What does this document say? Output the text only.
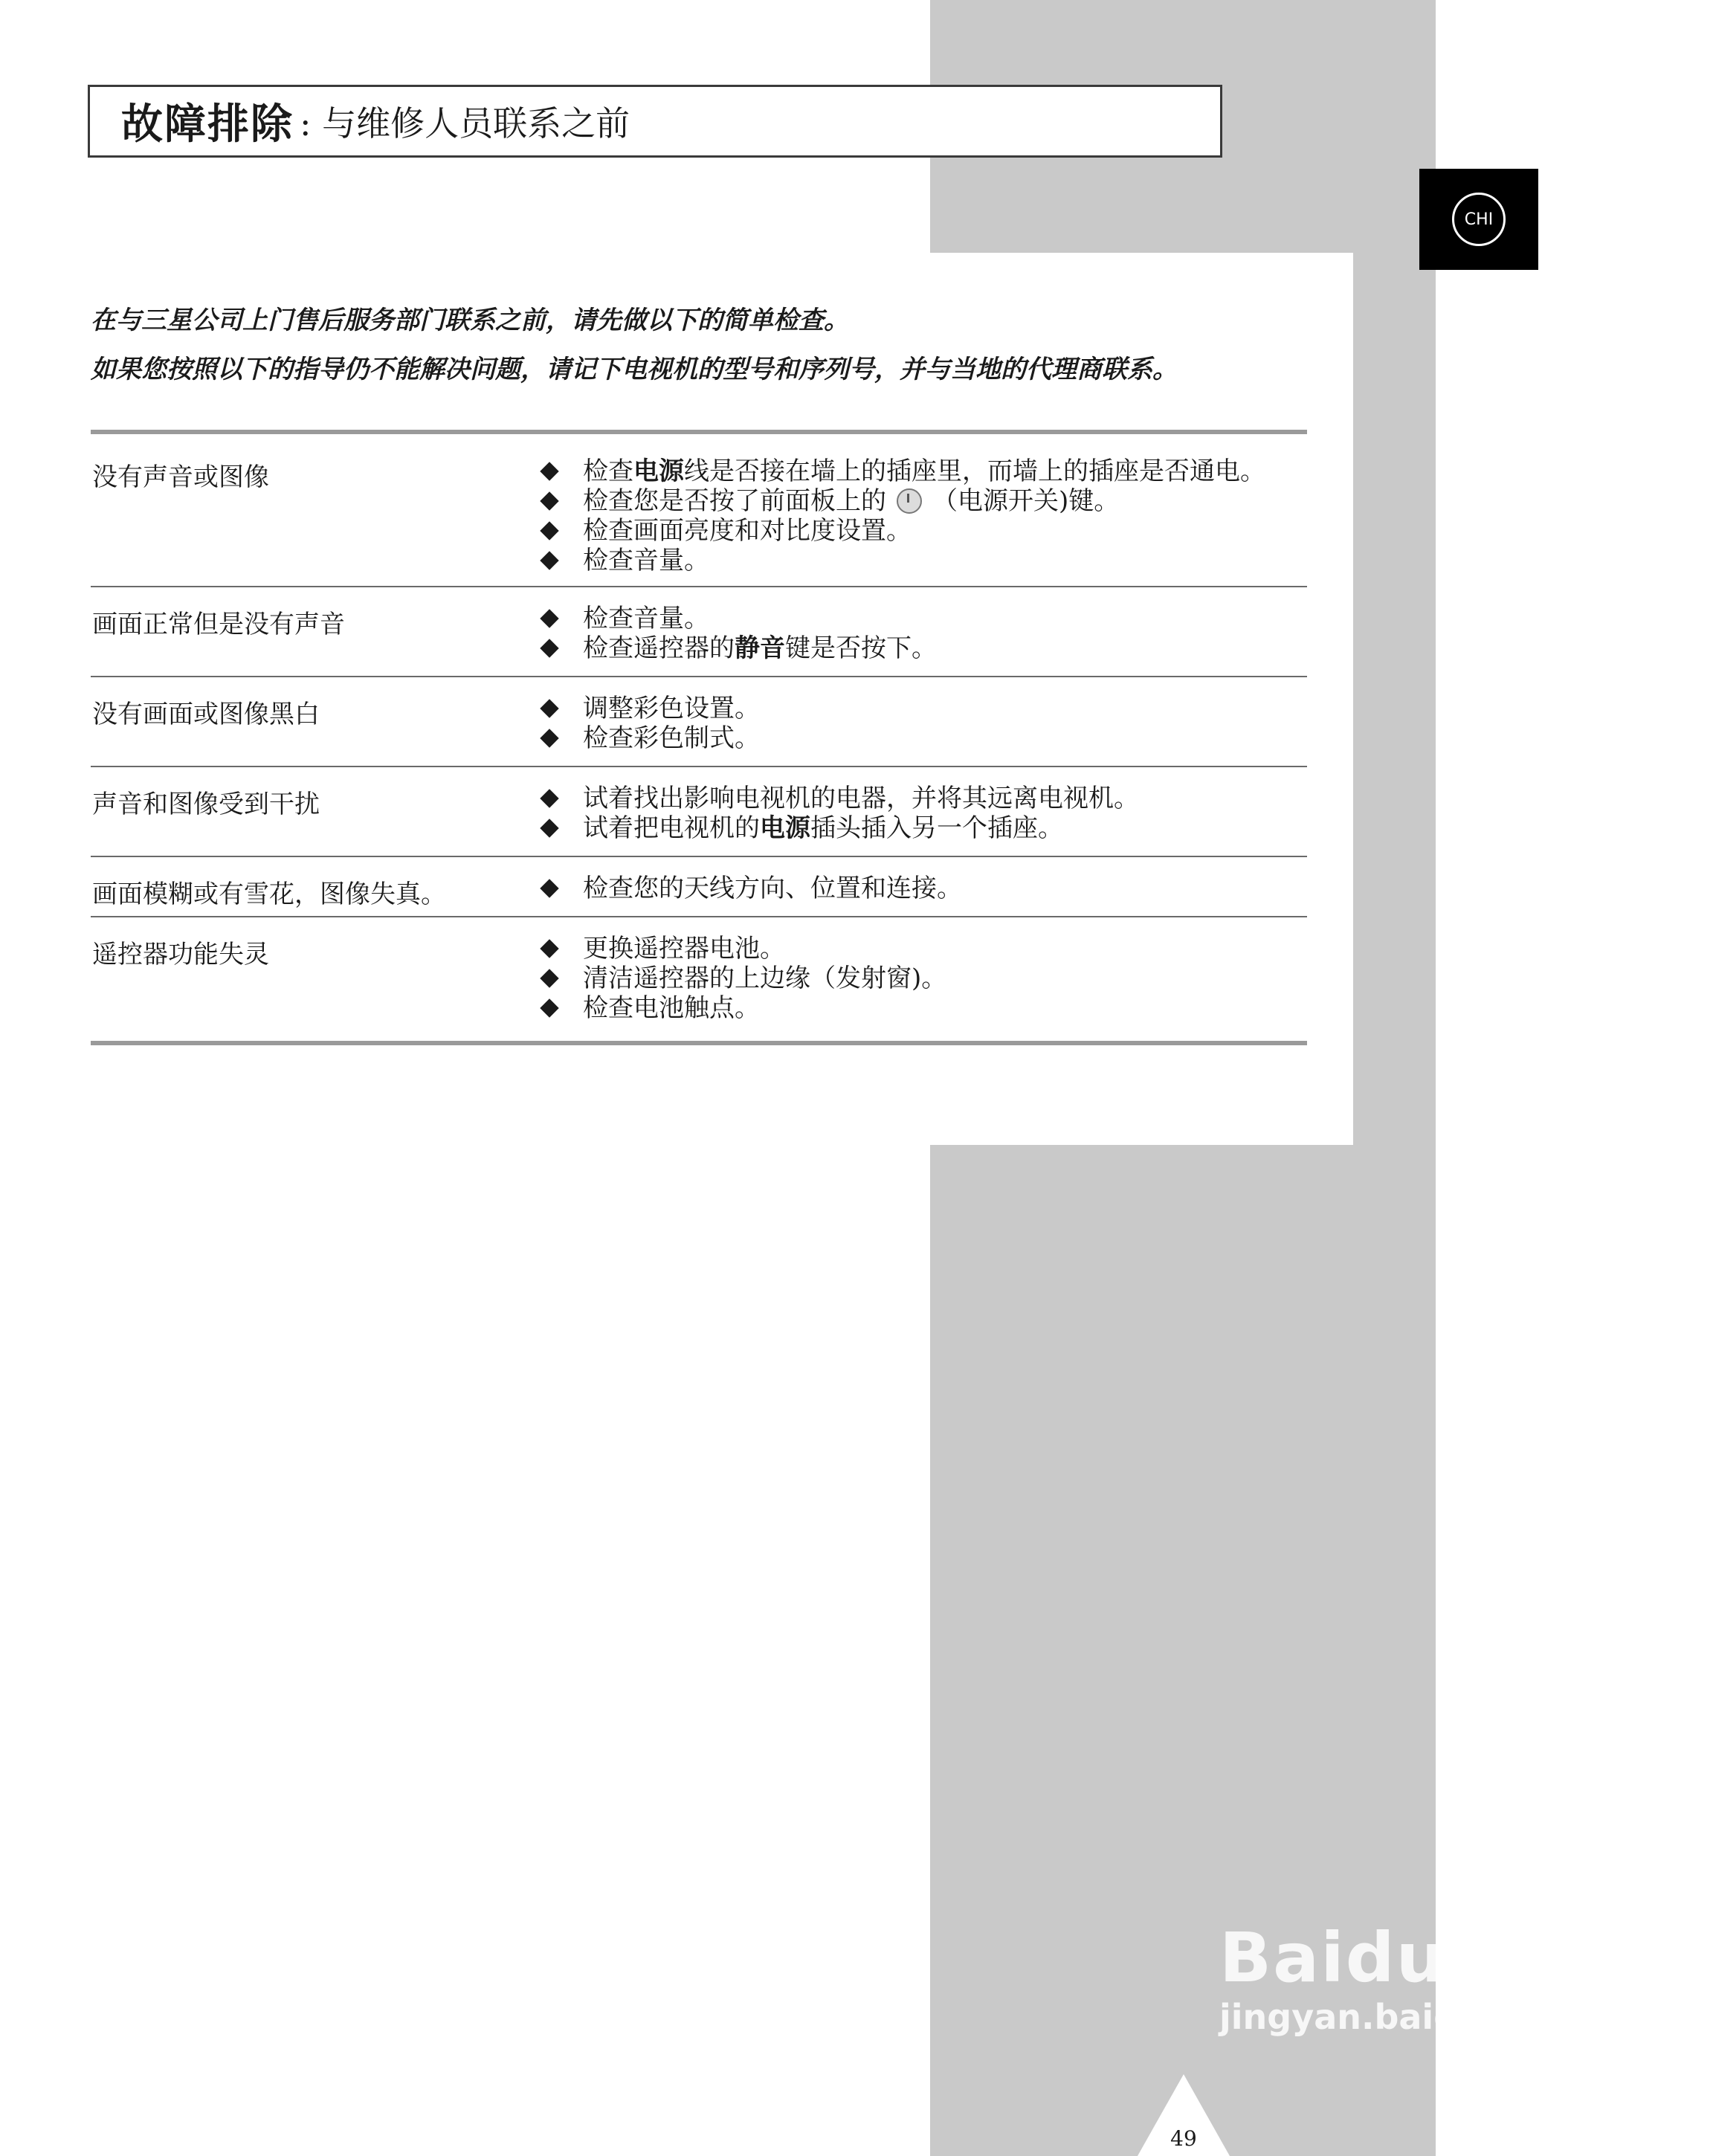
故障排除 : 与维修人员联系之前
CHI
在与三星公司上门售后服务部门联系之前，请先做以下的简单检查。
如果您按照以下的指导仍不能解决问题，请记下电视机的型号和序列号，并与当地的代理商联系。
没有声音或图像	检查 电源 线是否接在墙上的插座里，而墙上的插座是否通电。
检查您是否按了前面板上的 （电源开关)键。
检查画面亮度和对比度设置。
检查音量。
画面正常但是没有声音	检查音量。
检查遥控器的 静音 键是否按下。
没有画面或图像黑白	调整彩色设置。
检查彩色制式。
声音和图像受到干扰	试着找出影响电视机的电器，并将其远离电视机。
试着把电视机的 电源 插头插入另一个插座。
画面模糊或有雪花，图像失真。	检查您的天线方向、位置和连接。
遥控器功能失灵	更换遥控器电池。
清洁遥控器的上边缘（发射窗)。
检查电池触点。
Baidu 经验
jingyan.baidu.com
49
